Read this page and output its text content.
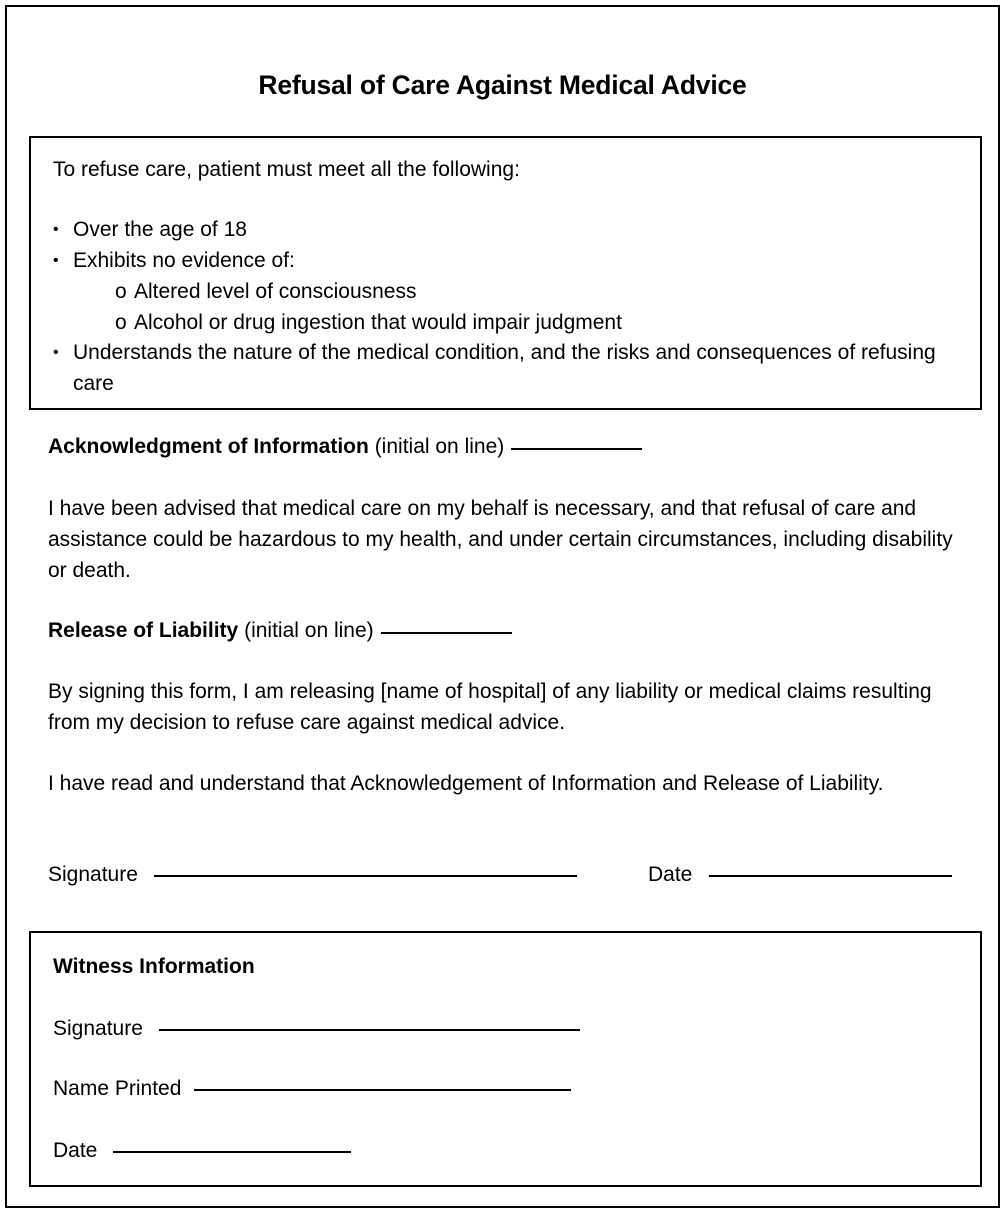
Refusal of Care Against Medical Advice
To refuse care, patient must meet all the following:
• Over the age of 18
• Exhibits no evidence of:
o Altered level of consciousness
o Alcohol or drug ingestion that would impair judgment
• Understands the nature of the medical condition, and the risks and consequences of refusing care
Acknowledgment of Information (initial on line)
I have been advised that medical care on my behalf is necessary, and that refusal of care and assistance could be hazardous to my health, and under certain circumstances, including disability or death.
Release of Liability (initial on line)
By signing this form, I am releasing [name of hospital] of any liability or medical claims resulting from my decision to refuse care against medical advice.
I have read and understand that Acknowledgement of Information and Release of Liability.
Signature	Date
Witness Information
Signature
Name Printed
Date
